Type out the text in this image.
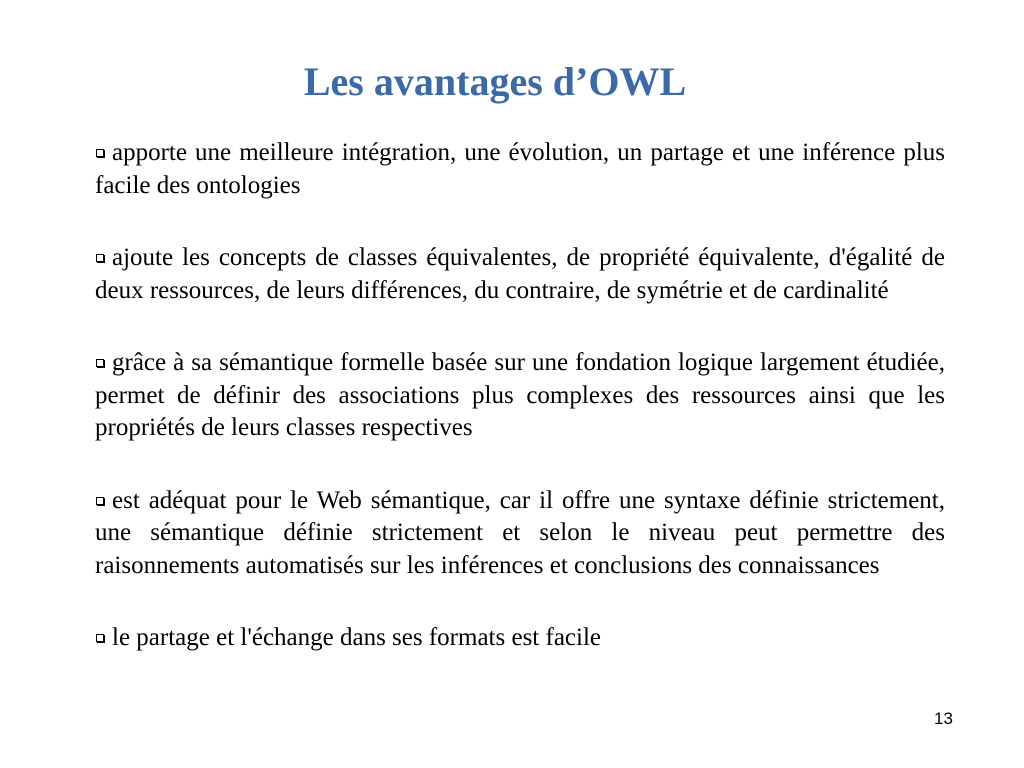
Les avantages d’OWL
apporte une meilleure intégration, une évolution, un partage et une inférence plus facile des ontologies
ajoute les concepts de classes équivalentes, de propriété équivalente, d'égalité de deux ressources, de leurs différences, du contraire, de symétrie et de cardinalité
grâce à sa sémantique formelle basée sur une fondation logique largement étudiée, permet de définir des associations plus complexes des ressources ainsi que les propriétés de leurs classes respectives
est adéquat pour le Web sémantique, car il offre une syntaxe définie strictement, une sémantique définie strictement et selon le niveau peut permettre des raisonnements automatisés sur les inférences et conclusions des connaissances
le partage et l'échange dans ses formats est facile
13
